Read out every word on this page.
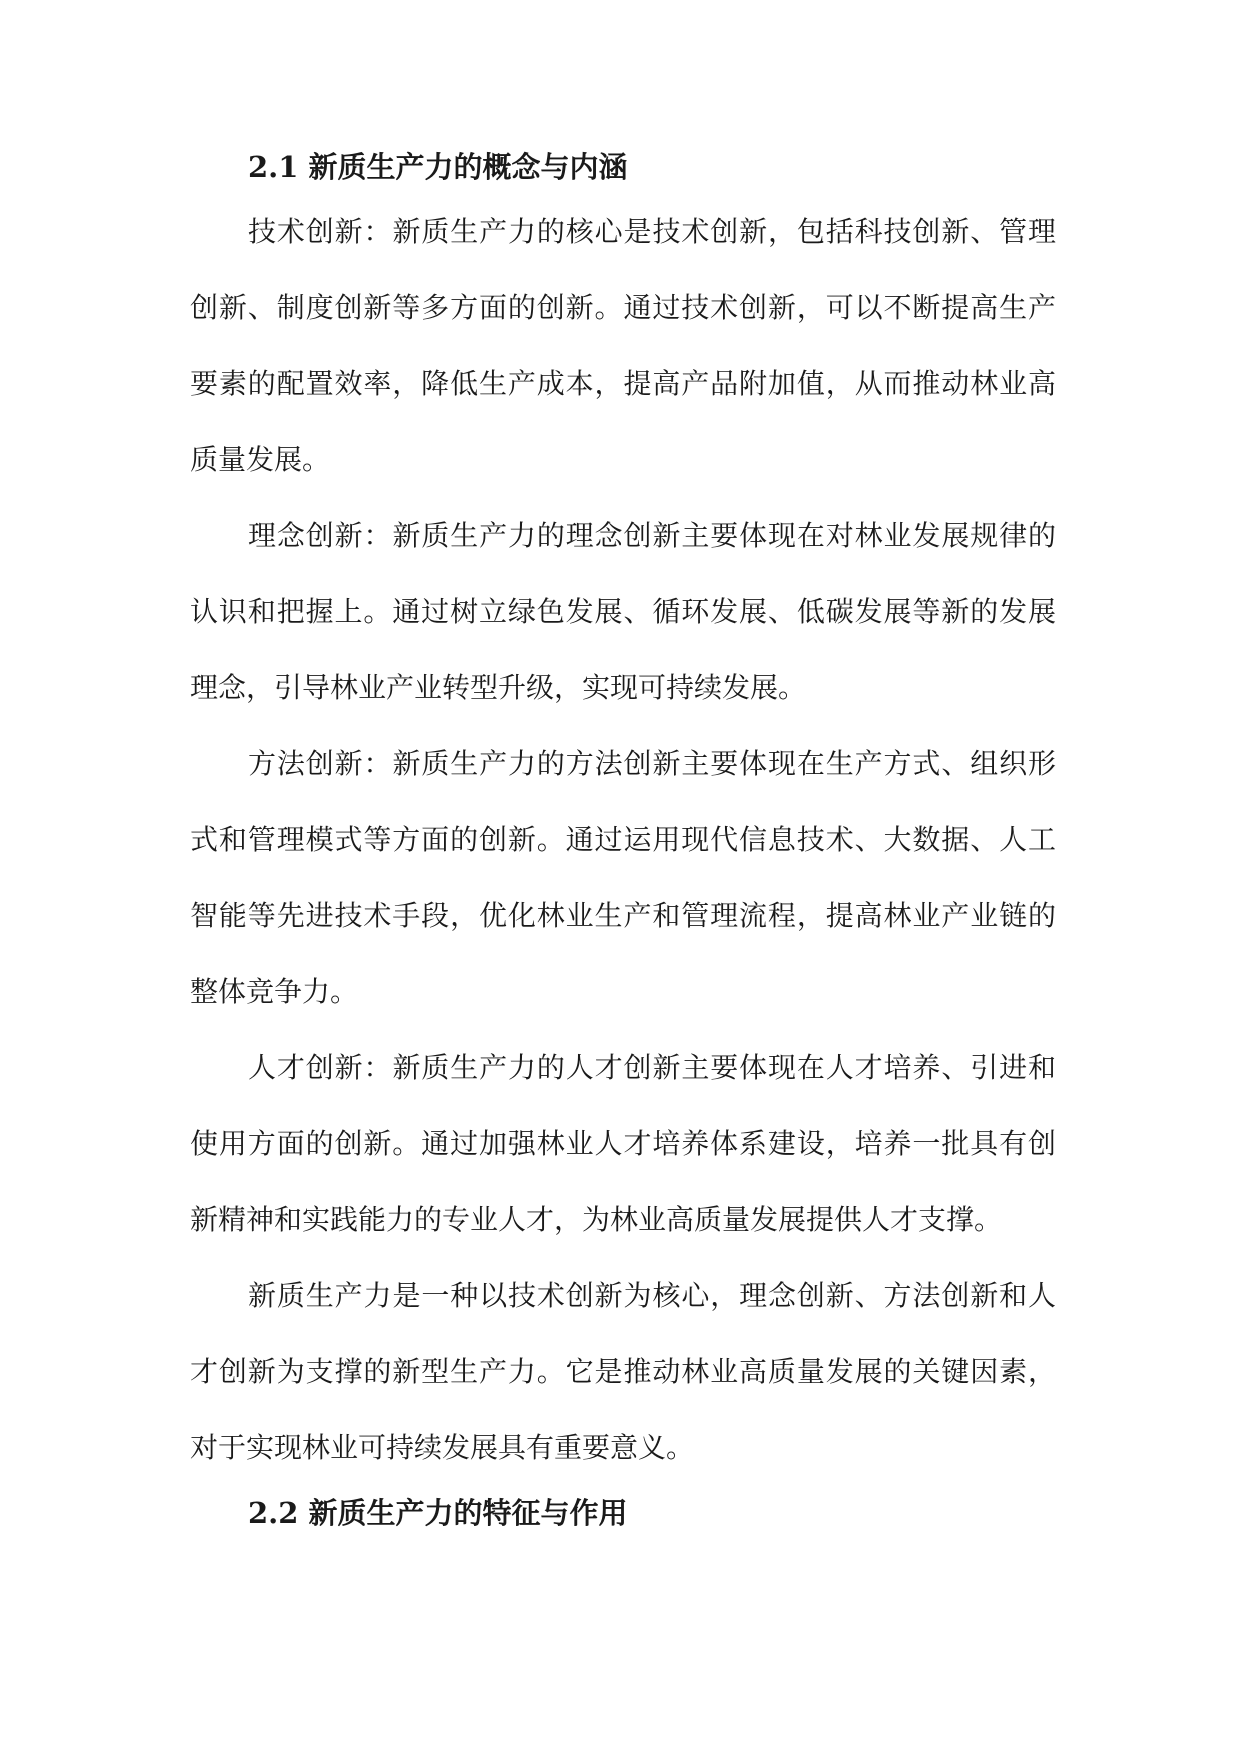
2.1 新质生产力的概念与内涵

技术创新：新质生产力的核心是技术创新，包括科技创新、管理创新、制度创新等多方面的创新。通过技术创新，可以不断提高生产要素的配置效率，降低生产成本，提高产品附加值，从而推动林业高质量发展。

理念创新：新质生产力的理念创新主要体现在对林业发展规律的认识和把握上。通过树立绿色发展、循环发展、低碳发展等新的发展理念，引导林业产业转型升级，实现可持续发展。

方法创新：新质生产力的方法创新主要体现在生产方式、组织形式和管理模式等方面的创新。通过运用现代信息技术、大数据、人工智能等先进技术手段，优化林业生产和管理流程，提高林业产业链的整体竞争力。

人才创新：新质生产力的人才创新主要体现在人才培养、引进和使用方面的创新。通过加强林业人才培养体系建设，培养一批具有创新精神和实践能力的专业人才，为林业高质量发展提供人才支撑。

新质生产力是一种以技术创新为核心，理念创新、方法创新和人才创新为支撑的新型生产力。它是推动林业高质量发展的关键因素，对于实现林业可持续发展具有重要意义。

2.2 新质生产力的特征与作用
